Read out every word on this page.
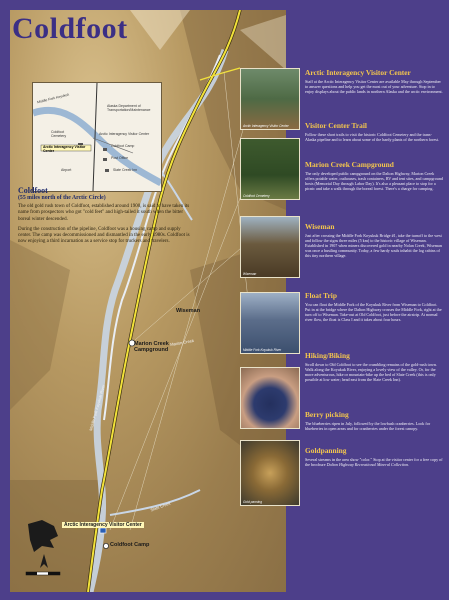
Middle Fork Koyukuk
Alaska Department of Transportation/Maintenance
Arctic Interagency Visitor Center
Coldfoot Cemetery
Coldfoot Camp
Post Office
Airport	Slate Creek Inn
Arctic Interagency Visitor Center
Wiseman
Marion Creek Campground
Arctic Interagency Visitor Center
Coldfoot Camp
Middle Fork Koyukuk River
Marion Creek
Slate Creek
Coldfoot

Coldfoot

(55 miles north of the Arctic Circle)

The old gold rush town of Coldfoot, established around 1900, is said to have taken its name from prospectors who got "cold feet" and high-tailed it south when the bitter boreal winter descended.

During the construction of the pipeline, Coldfoot was a housing camp and supply center. The camp was decommissioned and dismantled in the early 1980s. Coldfoot is now enjoying a third incarnation as a service stop for truckers and travelers.

Arctic Interagency Visitor Center
Coldfoot Cemetery
Wiseman
Middle Fork Koyukuk River
Gold panning
Arctic Interagency Visitor Center

Staff at the Arctic Interagency Visitor Center are available May through September to answer questions and help you get the most out of your adventure. Stop in to enjoy displays about the public lands in northern Alaska and the arctic environment.

Visitor Center Trail

Follow these short trails to visit the historic Coldfoot Cemetery and the trans-Alaska pipeline and to learn about some of the hardy plants of the northern forest.

Marion Creek Campground

The only developed public campground on the Dalton Highway, Marion Creek offers potable water, outhouses, trash containers, RV and tent sites, and campground hosts (Memorial Day through Labor Day). It's also a pleasant place to stop for a picnic and take a walk through the boreal forest. There's a charge for camping.

Wiseman

Just after crossing the Middle Fork Koyukuk Bridge #1, take the turnoff to the west and follow the signs three miles (5 km) to the historic village of Wiseman. Established in 1907 when miners discovered gold in nearby Nolan Creek, Wiseman was once a bustling community. Today, a few hardy souls inhabit the log cabins of this tiny northern village.

Float Trip

You can float the Middle Fork of the Koyukuk River from Wiseman to Coldfoot. Put in at the bridge where the Dalton Highway crosses the Middle Fork, right at the turn off to Wiseman. Take-out at Old Coldfoot, just before the airstrip. At normal river flow, the float is Class I and it takes about four hours.

Hiking/Biking

Stroll down to Old Coldfoot to see the crumbling remains of the gold-rush town. Walk along the Koyukuk River, enjoying a lovely view of the valley. Or, for the more adventurous, hike or mountain-bike up the bed of Slate Creek (this is only possible at low water; head east from the Slate Creek Inn).

Berry picking

The blueberries ripen in July, followed by the lowbush cranberries. Look for blueberries in open areas and for cranberries under the forest canopy.

Goldpanning

Several streams in the area show "color." Stop at the visitor center for a free copy of the brochure Dalton Highway Recreational Mineral Collection.
